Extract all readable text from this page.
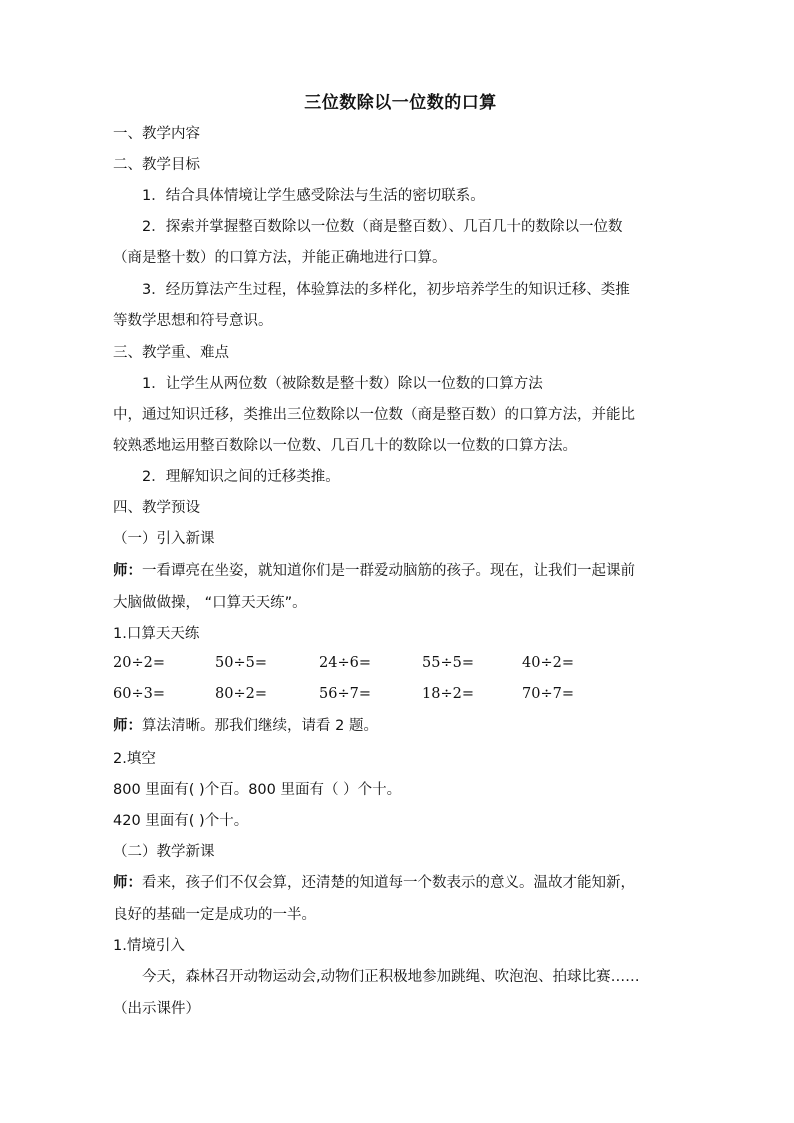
三位数除以一位数的口算
一、教学内容
二、教学目标
1．结合具体情境让学生感受除法与生活的密切联系。
2．探索并掌握整百数除以一位数（商是整百数）、几百几十的数除以一位数
（商是整十数）的口算方法，并能正确地进行口算。
3．经历算法产生过程，体验算法的多样化，初步培养学生的知识迁移、类推
等数学思想和符号意识。
三、教学重、难点
1．让学生从两位数（被除数是整十数）除以一位数的口算方法
中，通过知识迁移，类推出三位数除以一位数（商是整百数）的口算方法，并能比
较熟悉地运用整百数除以一位数、几百几十的数除以一位数的口算方法。
2．理解知识之间的迁移类推。
四、教学预设
（一）引入新课
师：一看谭亮在坐姿，就知道你们是一群爱动脑筋的孩子。现在，让我们一起课前
大脑做做操， “口算天天练”。
1.口算天天练
20÷2=	50÷5=	24÷6=	55÷5=	40÷2=
60÷3=	80÷2=	56÷7=	18÷2=	70÷7=
师：算法清晰。那我们继续，请看 2 题。
2.填空
800 里面有( )个百。800 里面有（ ）个十。
420 里面有( )个十。
（二）教学新课
师：看来，孩子们不仅会算，还清楚的知道每一个数表示的意义。温故才能知新，
良好的基础一定是成功的一半。
1.情境引入
今天，森林召开动物运动会,动物们正积极地参加跳绳、吹泡泡、拍球比赛……
（出示课件）
